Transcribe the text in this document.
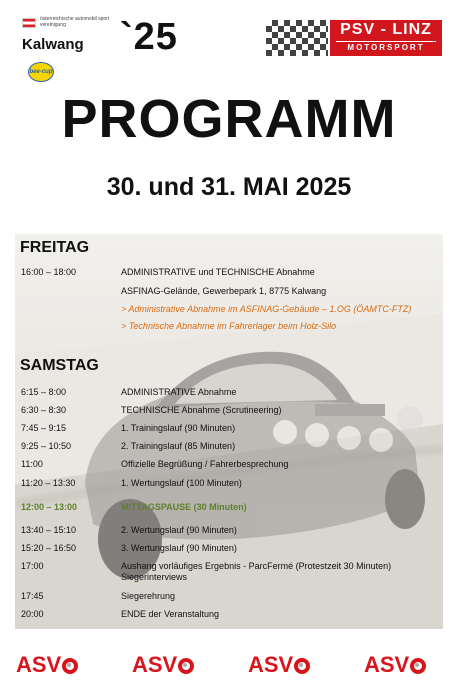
österreichische automobil sport vereinigung
Kalwang
bee-cup
`25	PSV - LINZ
MOTORSPORT
PROGRAMM
30. und 31. MAI 2025
FREITAG
16:00 – 18:00	ADMINISTRATIVE und TECHNISCHE Abnahme
ASFINAG-Gelände, Gewerbepark 1, 8775 Kalwang
> Administrative Abnahme im ASFINAG-Gebäude – 1.OG (ÖAMTC-FTZ)
> Technische Abnahme im Fahrerlager beim Holz-Silo
SAMSTAG
6:15 – 8:00	ADMINISTRATIVE Abnahme
6:30 – 8:30	TECHNISCHE Abnahme (Scrutineering)
7:45 – 9:15	1. Trainingslauf (90 Minuten)
9:25 – 10:50	2. Trainingslauf (85 Minuten)
11:00	Offizielle Begrüßung / Fahrerbesprechung
11:20 – 13:30	1. Wertungslauf (100 Minuten)
12:00 – 13:00	MITTAGSPAUSE (30 Minuten)
13:40 – 15:10	2. Wertungslauf (90 Minuten)
15:20 – 16:50	3. Wertungslauf (90 Minuten)
17:00	Aushang vorläufiges Ergebnis - ParcFermé (Protestzeit 30 Minuten) Siegerinterviews
17:45	Siegerehrung
20:00	ENDE der Veranstaltung
ASV	ASV	ASV	ASV
